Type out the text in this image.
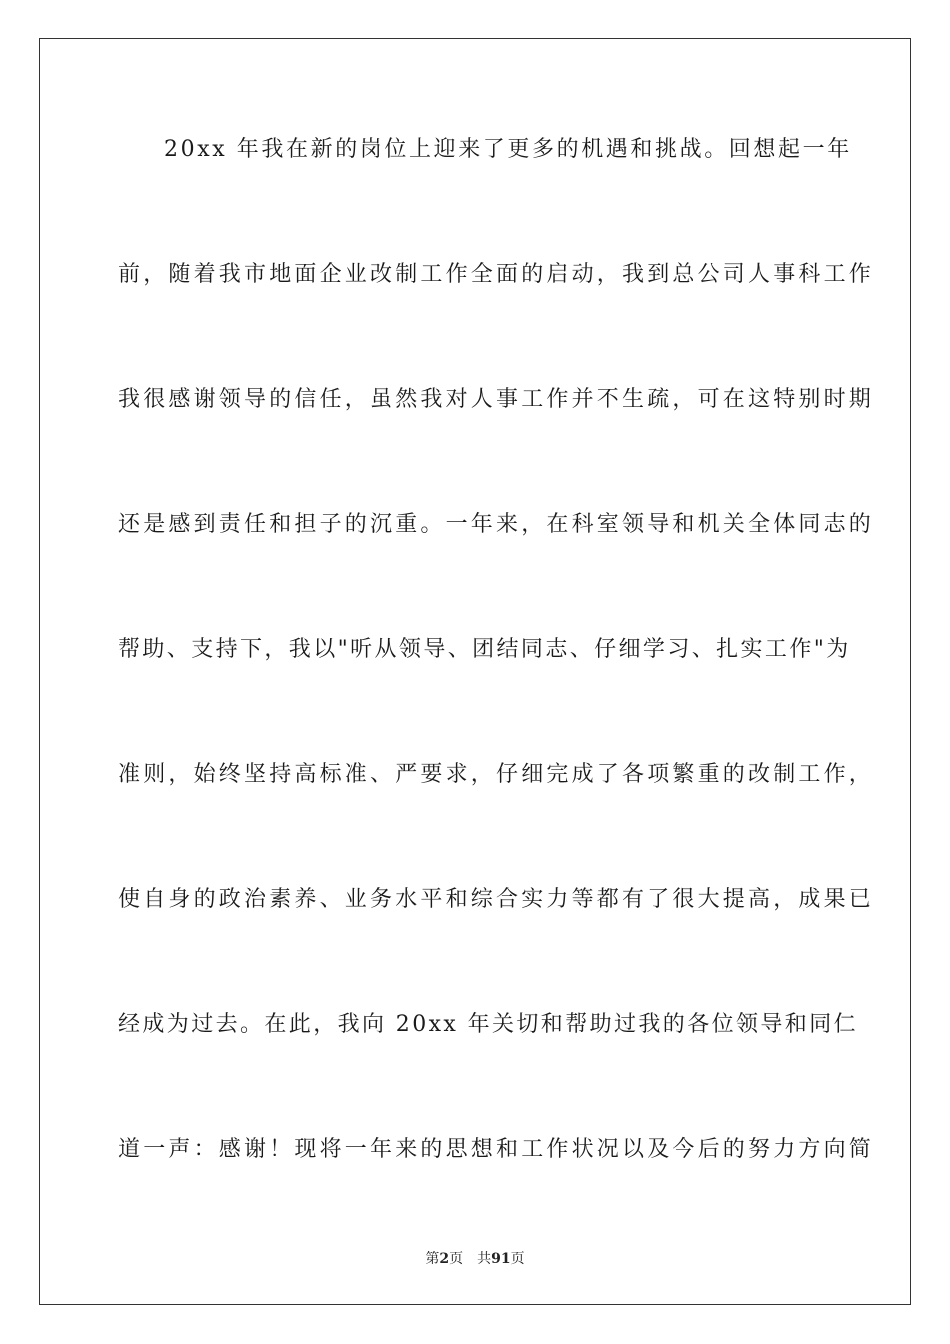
20xx 年我在新的岗位上迎来了更多的机遇和挑战。回想起一年
前，随着我市地面企业改制工作全面的启动，我到总公司人事科工作
我很感谢领导的信任，虽然我对人事工作并不生疏，可在这特别时期
还是感到责任和担子的沉重。一年来，在科室领导和机关全体同志的
帮助、支持下，我以"听从领导、团结同志、仔细学习、扎实工作"为
准则，始终坚持高标准、严要求，仔细完成了各项繁重的改制工作，
使自身的政治素养、业务水平和综合实力等都有了很大提高，成果已
经成为过去。在此，我向 20xx 年关切和帮助过我的各位领导和同仁
道一声：感谢！现将一年来的思想和工作状况以及今后的努力方向简
第2页 共91页
